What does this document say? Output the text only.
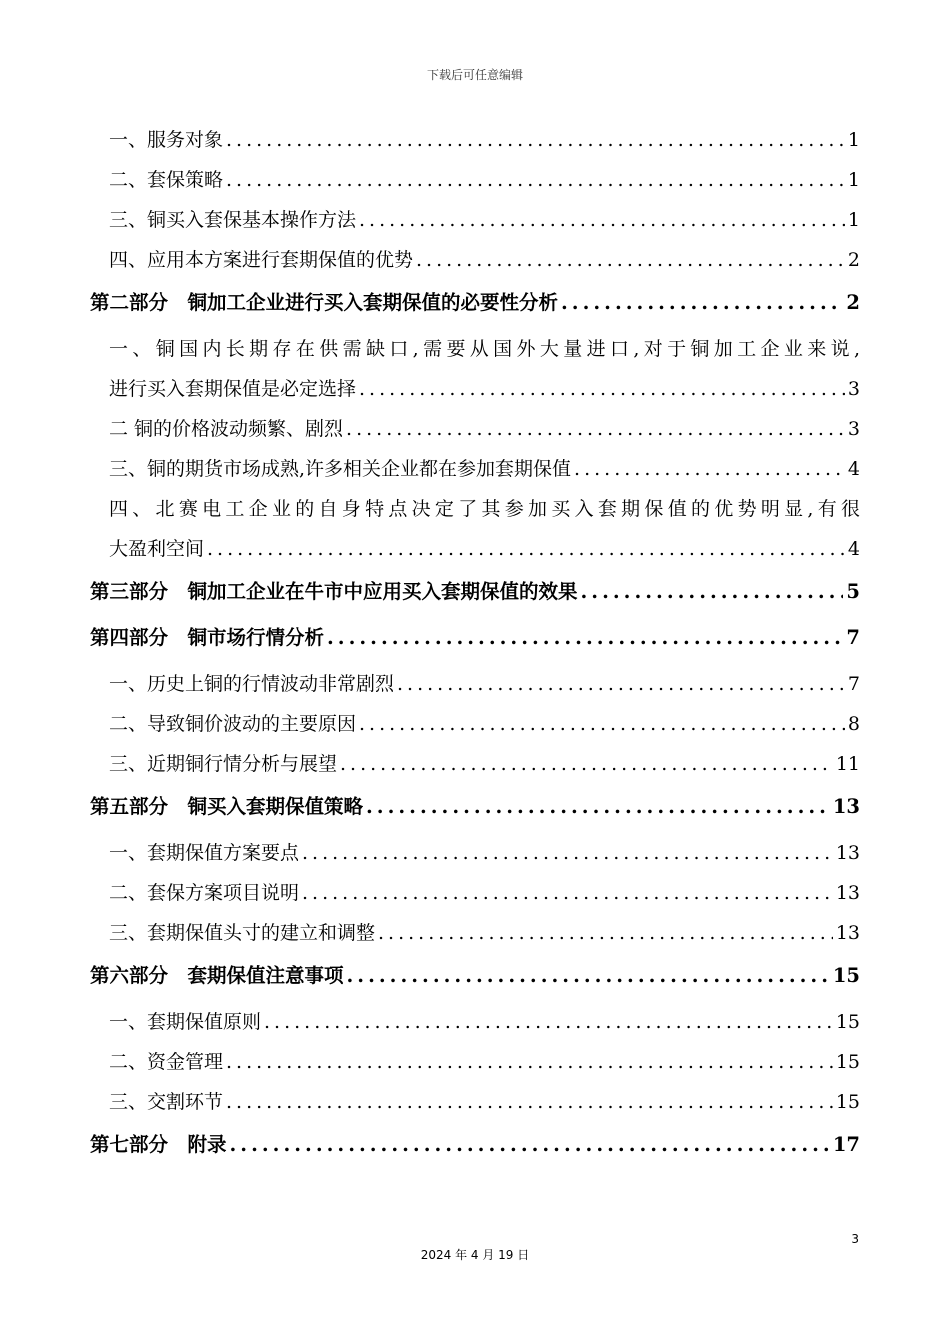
下载后可任意编辑
一、服务对象 .....	1
二、套保策略 .....	1
三、铜买入套保基本操作方法 .....	1
四、应用本方案进行套期保值的优势 .....	2
第二部分　铜加工企业进行买入套期保值的必要性分析 .....	2
一、铜国内长期存在供需缺口,需要从国外大量进口,对于铜加工企业来说,
进行买入套期保值是必定选择 .....	3
二 铜的价格波动频繁、剧烈 .....	3
三、铜的期货市场成熟,许多相关企业都在参加套期保值 .....	4
四、北赛电工企业的自身特点决定了其参加买入套期保值的优势明显,有很
大盈利空间 .....	4
第三部分　铜加工企业在牛市中应用买入套期保值的效果 .....	5
第四部分　铜市场行情分析 .....	7
一、历史上铜的行情波动非常剧烈 .....	7
二、导致铜价波动的主要原因 .....	8
三、近期铜行情分析与展望 .....	11
第五部分　铜买入套期保值策略 .....	13
一、套期保值方案要点 .....	13
二、套保方案项目说明 .....	13
三、套期保值头寸的建立和调整 .....	13
第六部分　套期保值注意事项 .....	15
一、套期保值原则 .....	15
二、资金管理 .....	15
三、交割环节 .....	15
第七部分　附录 .....	17
3
2024 年 4 月 19 日
